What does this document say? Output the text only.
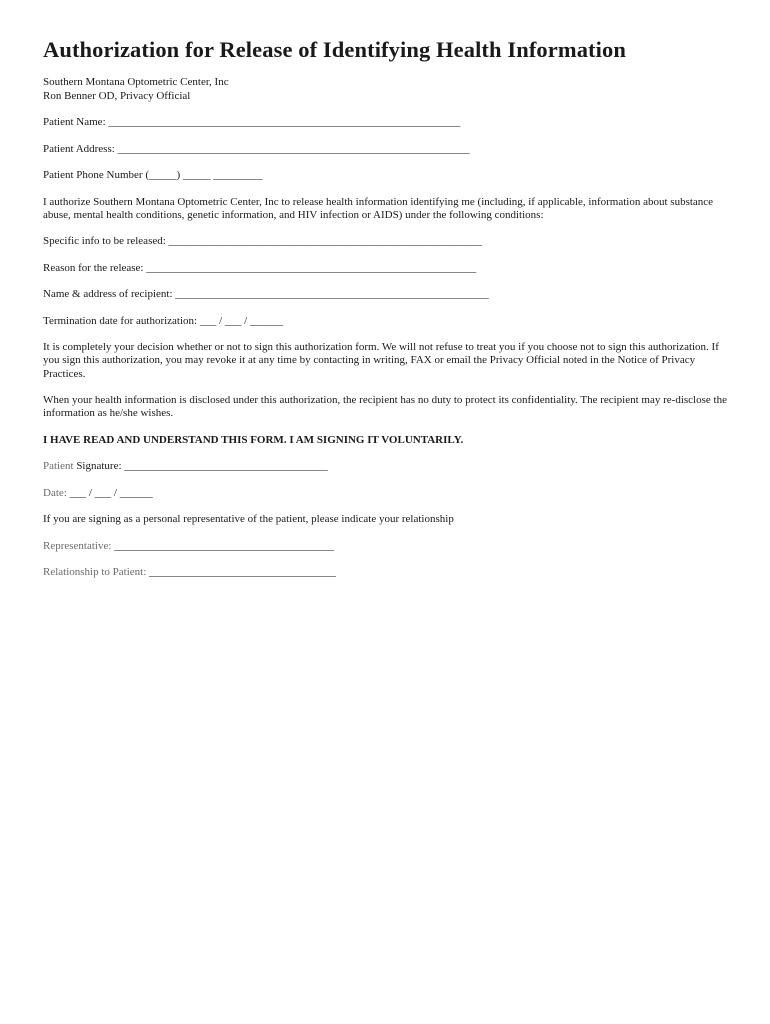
Authorization for Release of Identifying Health Information
Southern Montana Optometric Center, Inc
Ron Benner OD, Privacy Official
Patient Name: ________________________________________________________________
Patient Address: ________________________________________________________________
Patient Phone Number (_____) _____ _________
I authorize Southern Montana Optometric Center, Inc to release health information identifying me (including, if applicable, information about substance abuse, mental health conditions, genetic information, and HIV infection or AIDS) under the following conditions:
Specific info to be released: _________________________________________________________
Reason for the release: ____________________________________________________________
Name & address of recipient: _________________________________________________________
Termination date for authorization: ___ / ___ / ______
It is completely your decision whether or not to sign this authorization form. We will not refuse to treat you if you choose not to sign this authorization. If you sign this authorization, you may revoke it at any time by contacting in writing, FAX or email the Privacy Official noted in the Notice of Privacy Practices.
When your health information is disclosed under this authorization, the recipient has no duty to protect its confidentiality. The recipient may re-disclose the information as he/she wishes.
I HAVE READ AND UNDERSTAND THIS FORM. I AM SIGNING IT VOLUNTARILY.
Patient Signature: _____________________________________
Date: ___ / ___ / ______
If you are signing as a personal representative of the patient, please indicate your relationship
Representative: ________________________________________
Relationship to Patient: __________________________________
